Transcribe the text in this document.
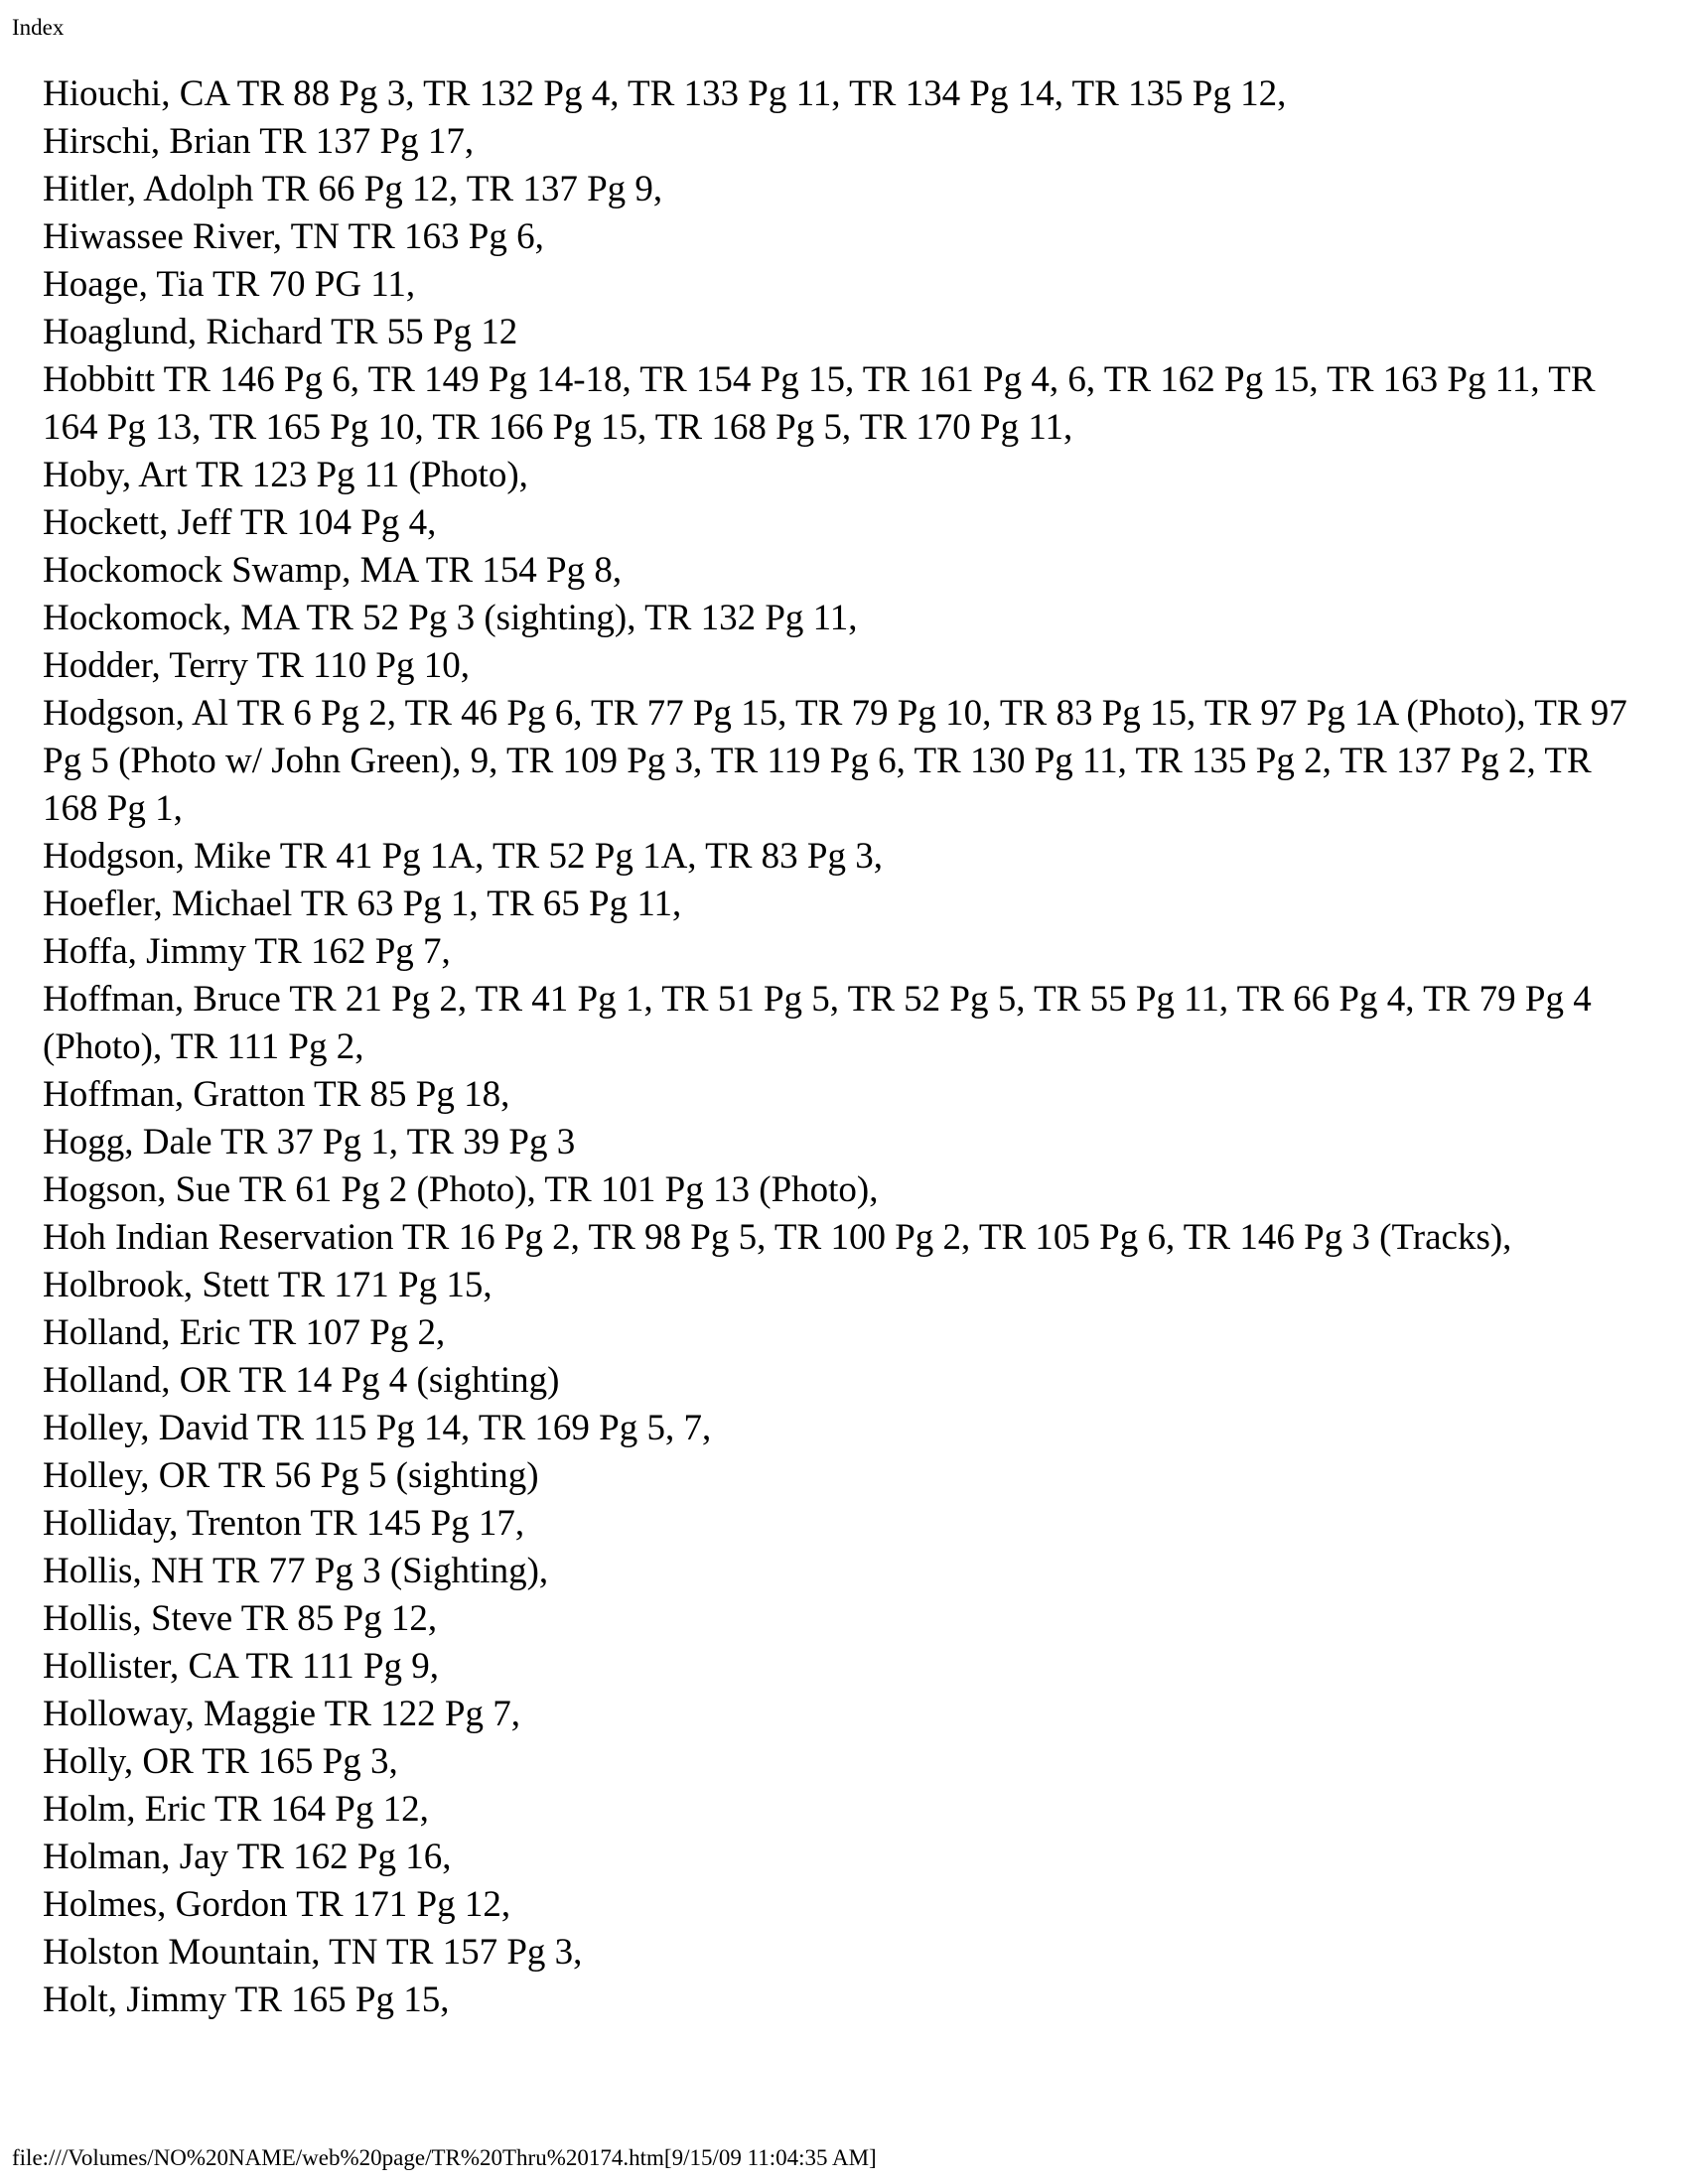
Index
Hiouchi, CA TR 88 Pg 3, TR 132 Pg 4, TR 133 Pg 11, TR 134 Pg 14, TR 135 Pg 12,
Hirschi, Brian TR 137 Pg 17,
Hitler, Adolph TR 66 Pg 12, TR 137 Pg 9,
Hiwassee River, TN TR 163 Pg 6,
Hoage, Tia TR 70 PG 11,
Hoaglund, Richard TR 55 Pg 12
Hobbitt TR 146 Pg 6, TR 149 Pg 14-18, TR 154 Pg 15, TR 161 Pg 4, 6, TR 162 Pg 15, TR 163 Pg 11, TR 164 Pg 13, TR 165 Pg 10, TR 166 Pg 15, TR 168 Pg 5, TR 170 Pg 11,
Hoby, Art TR 123 Pg 11 (Photo),
Hockett, Jeff TR 104 Pg 4,
Hockomock Swamp, MA TR 154 Pg 8,
Hockomock, MA TR 52 Pg 3 (sighting), TR 132 Pg 11,
Hodder, Terry TR 110 Pg 10,
Hodgson, Al TR 6 Pg 2, TR 46 Pg 6, TR 77 Pg 15, TR 79 Pg 10, TR 83 Pg 15, TR 97 Pg 1A (Photo), TR 97 Pg 5 (Photo w/ John Green), 9, TR 109 Pg 3, TR 119 Pg 6, TR 130 Pg 11, TR 135 Pg 2, TR 137 Pg 2, TR 168 Pg 1,
Hodgson, Mike TR 41 Pg 1A, TR 52 Pg 1A, TR 83 Pg 3,
Hoefler, Michael TR 63 Pg 1, TR 65 Pg 11,
Hoffa, Jimmy TR 162 Pg 7,
Hoffman, Bruce TR 21 Pg 2, TR 41 Pg 1, TR 51 Pg 5, TR 52 Pg 5, TR 55 Pg 11, TR 66 Pg 4, TR 79 Pg 4 (Photo), TR 111 Pg 2,
Hoffman, Gratton TR 85 Pg 18,
Hogg, Dale TR 37 Pg 1, TR 39 Pg 3
Hogson, Sue TR 61 Pg 2 (Photo), TR 101 Pg 13 (Photo),
Hoh Indian Reservation TR 16 Pg 2, TR 98 Pg 5, TR 100 Pg 2, TR 105 Pg 6, TR 146 Pg 3 (Tracks),
Holbrook, Stett TR 171 Pg 15,
Holland, Eric TR 107 Pg 2,
Holland, OR TR 14 Pg 4 (sighting)
Holley, David TR 115 Pg 14, TR 169 Pg 5, 7,
Holley, OR TR 56 Pg 5 (sighting)
Holliday, Trenton TR 145 Pg 17,
Hollis, NH TR 77 Pg 3 (Sighting),
Hollis, Steve TR 85 Pg 12,
Hollister, CA TR 111 Pg 9,
Holloway, Maggie TR 122 Pg 7,
Holly, OR TR 165 Pg 3,
Holm, Eric TR 164 Pg 12,
Holman, Jay TR 162 Pg 16,
Holmes, Gordon TR 171 Pg 12,
Holston Mountain, TN TR 157 Pg 3,
Holt, Jimmy TR 165 Pg 15,
file:///Volumes/NO%20NAME/web%20page/TR%20Thru%20174.htm[9/15/09 11:04:35 AM]
